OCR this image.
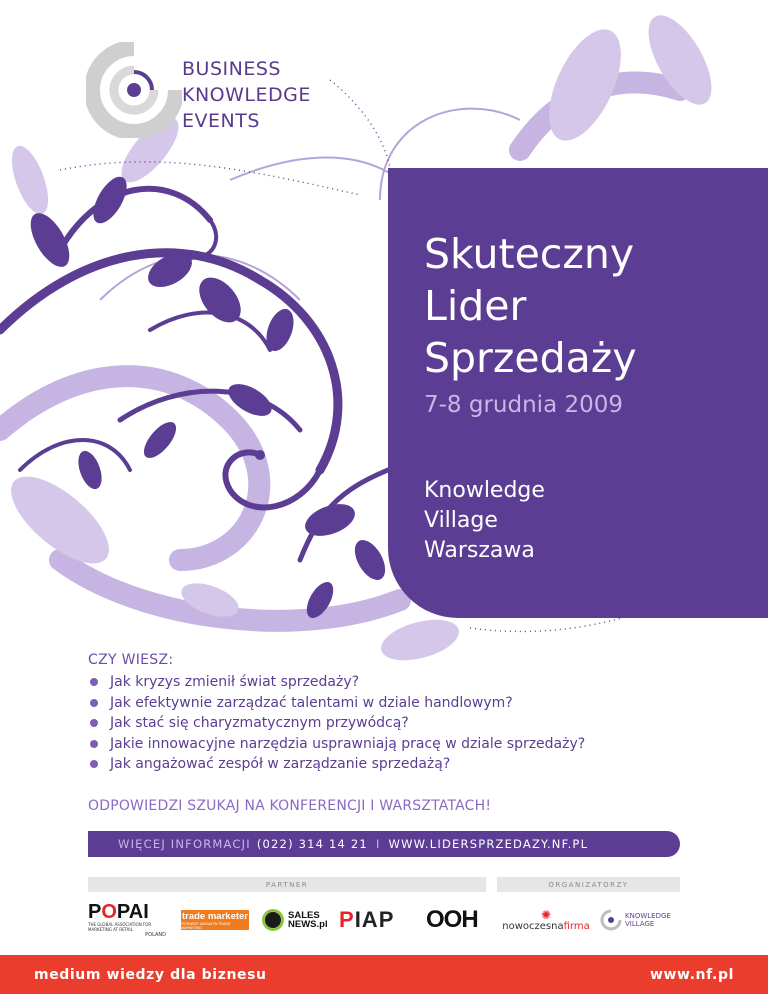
BUSINESS
KNOWLEDGE
EVENTS
Skuteczny
Lider
Sprzedaży
7-8 grudnia 2009
Knowledge
Village
Warszawa
CZY WIESZ:
Jak kryzys zmienił świat sprzedaży?
Jak efektywnie zarządzać talentami w dziale handlowym?
Jak stać się charyzmatycznym przywódcą?
Jakie innowacyjne narzędzia usprawniają pracę w dziale sprzedaży?
Jak angażować zespół w zarządzanie sprzedażą?
ODPOWIEDZI SZUKAJ NA KONFERENCJI I WARSZTATACH!
WIĘCEJ INFORMACJI (022) 314 14 21 I WWW.LIDERSPRZEDAZY.NF.PL
PARTNER	ORGANIZATORZY
POPAI
THE GLOBAL ASSOCIATION FOR MARKETING AT RETAIL
POLAND
trade marketer
PIERWSZY MAGAZYN TRADE MARKETING
SALES
NEWS.pl P IAP OOH	✺
nowoczesnafirma
KNOWLEDGE
VILLAGE
medium wiedzy dla biznesu	www.nf.pl
